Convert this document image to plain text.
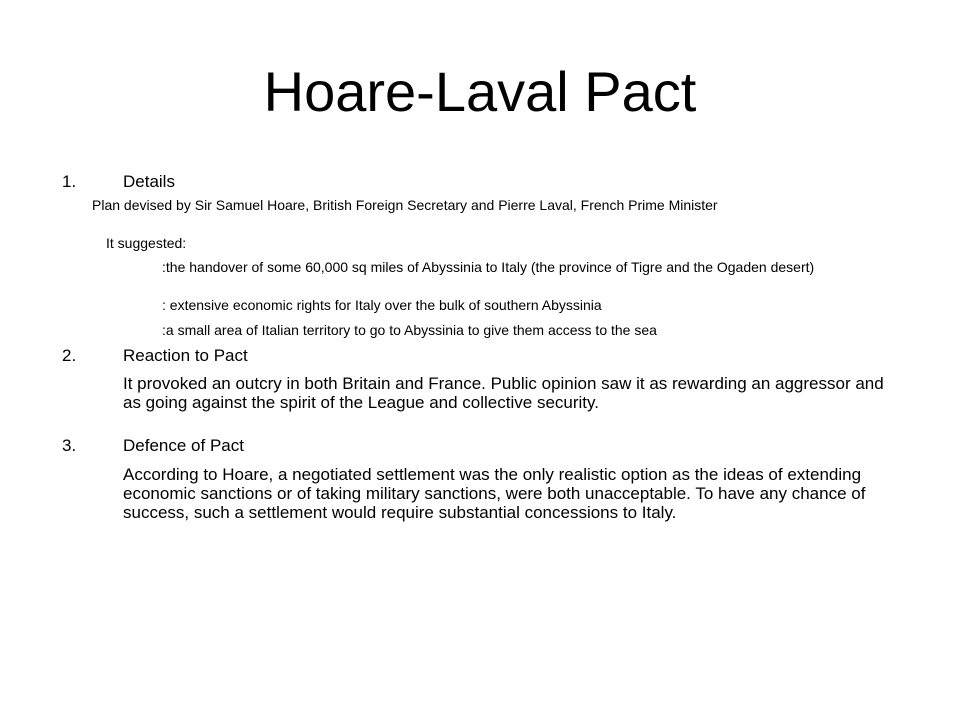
Hoare-Laval Pact
1.	Details
Plan devised by Sir Samuel Hoare, British Foreign Secretary and Pierre Laval, French Prime Minister
It suggested:
:the handover of some 60,000 sq miles of Abyssinia to Italy (the province of Tigre and the Ogaden desert)
: extensive economic rights for Italy over the bulk of southern Abyssinia
:a small area of Italian territory to go to Abyssinia to give them access to the sea
2.	Reaction to Pact
It provoked an outcry in both Britain and France. Public opinion saw it as rewarding an aggressor and as going against the spirit of the League and collective security.
3.	Defence of Pact
According to Hoare, a negotiated settlement was the only realistic option as the ideas of extending economic sanctions or of taking military sanctions, were both unacceptable. To have any chance of success, such a settlement would require substantial concessions to Italy.
